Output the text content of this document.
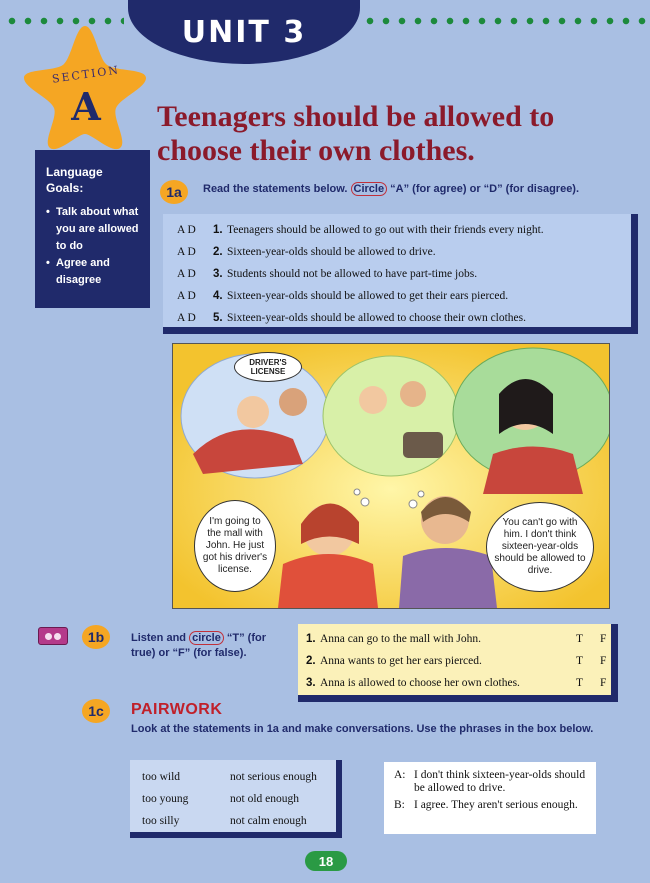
UNIT 3
SECTION
A
Language Goals:
• Talk about what you are allowed to do
• Agree and disagree
Teenagers should be allowed to choose their own clothes.
1a	Read the statements below. Circle “A” (for agree) or “D” (for disagree).
A D	1. Teenagers should be allowed to go out with their friends every night.
A D	2. Sixteen-year-olds should be allowed to drive.
A D	3. Students should not be allowed to have part-time jobs.
A D	4. Sixteen-year-olds should be allowed to get their ears pierced.
A D	5. Sixteen-year-olds should be allowed to choose their own clothes.
DRIVER'S LICENSE
I'm going to the mall with John. He just got his driver's license.
You can't go with him. I don't think sixteen-year-olds should be allowed to drive.
1b	Listen and circle “T” (for true) or “F” (for false).
1. Anna can go to the mall with John.	T	F
2. Anna wants to get her ears pierced.	T	F
3. Anna is allowed to choose her own clothes.	T	F
1c	PAIRWORK
Look at the statements in 1a and make conversations. Use the phrases in the box below.
too wild	not serious enough
too young	not old enough
too silly	not calm enough
A: I don't think sixteen-year-olds should be allowed to drive.
B: I agree. They aren't serious enough.
18
